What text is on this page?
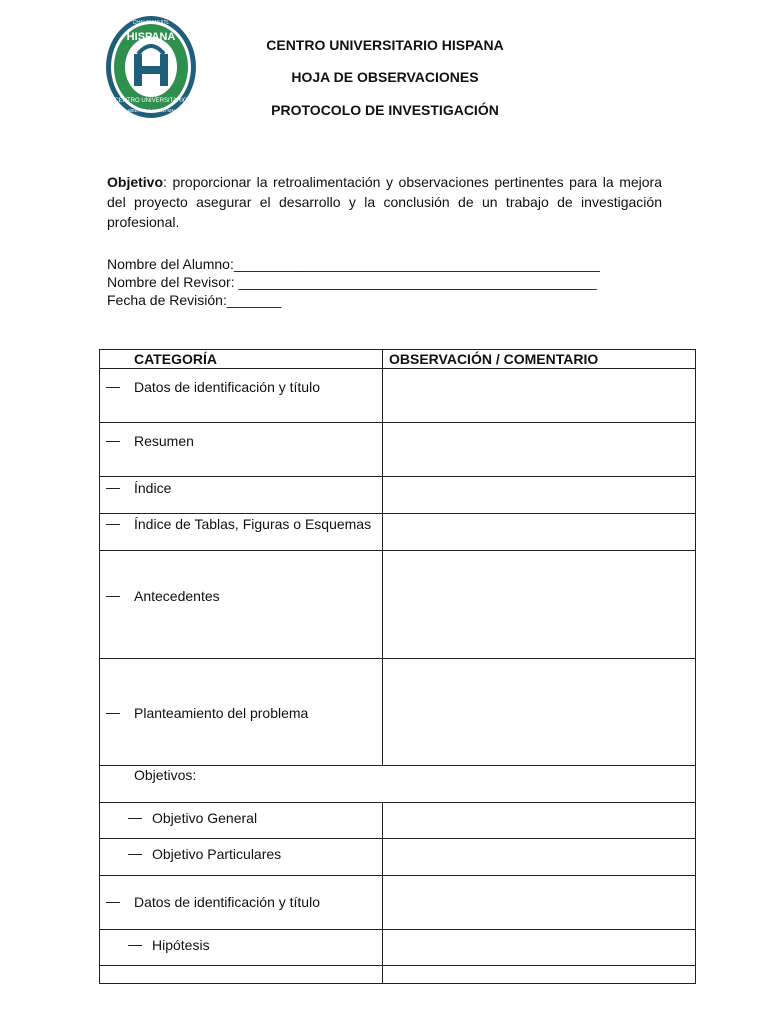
HISPANA
CHALCHIHUITL
CENTRO UNIVERSITARIO
ABIERTO CAMINO SIN
CENTRO UNIVERSITARIO HISPANA
HOJA DE OBSERVACIONES
PROTOCOLO DE INVESTIGACIÓN
Objetivo: proporcionar la retroalimentación y observaciones pertinentes para la mejora del proyecto asegurar el desarrollo y la conclusión de un trabajo de investigación profesional.
Nombre del Alumno:_______________________________________________
Nombre del Revisor: ______________________________________________
Fecha de Revisión:_______
CATEGORÍA	OBSERVACIÓN / COMENTARIO

— Datos de identificación y título	

— Resumen	

— Índice	

— Índice de Tablas, Figuras o Esquemas	

— Antecedentes	

— Planteamiento del problema	

Objetivos:	

— Objetivo General	

— Objetivo Particulares	

— Datos de identificación y título	

— Hipótesis	
